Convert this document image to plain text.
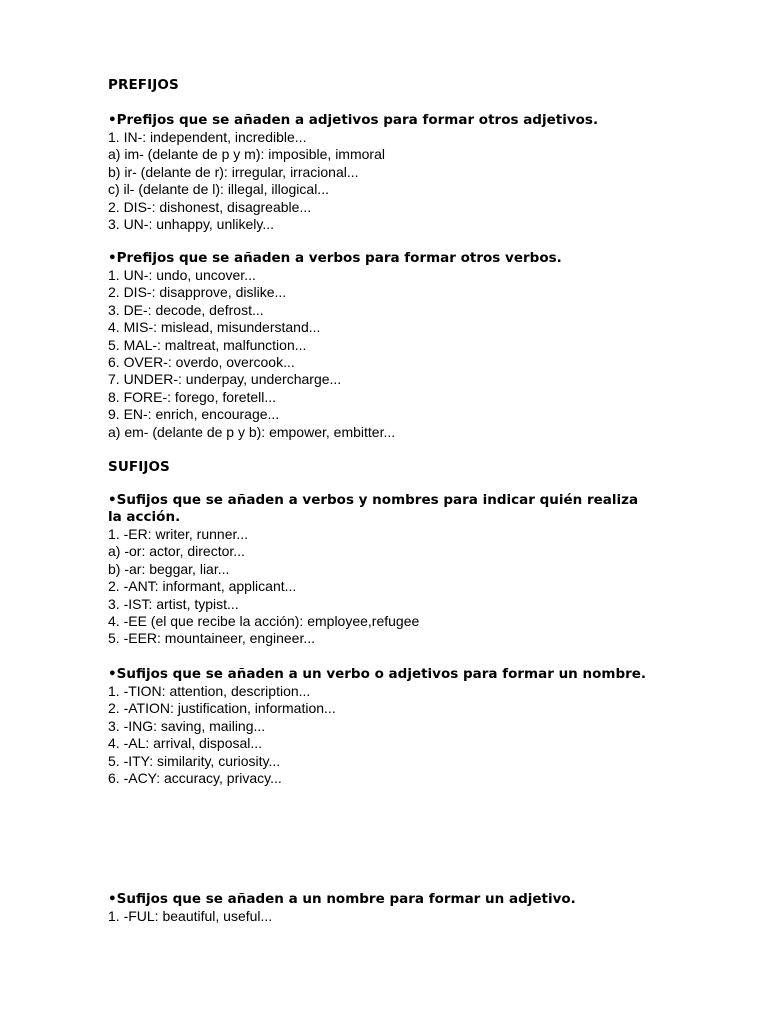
PREFIJOS

•Prefijos que se añaden a adjetivos para formar otros adjetivos.

1. IN-: independent, incredible...
a) im- (delante de p y m): imposible, immoral
b) ir- (delante de r): irregular, irracional...
c) il- (delante de l): illegal, illogical...
2. DIS-: dishonest, disagreable...
3. UN-: unhappy, unlikely...

•Prefijos que se añaden a verbos para formar otros verbos.

1. UN-: undo, uncover...
2. DIS-: disapprove, dislike...
3. DE-: decode, defrost...
4. MIS-: mislead, misunderstand...
5. MAL-: maltreat, malfunction...
6. OVER-: overdo, overcook...
7. UNDER-: underpay, undercharge...
8. FORE-: forego, foretell...
9. EN-: enrich, encourage...
a) em- (delante de p y b): empower, embitter...
SUFIJOS

•Sufijos que se añaden a verbos y nombres para indicar quién realiza la acción.

1. -ER: writer, runner...
a) -or: actor, director...
b) -ar: beggar, liar...
2. -ANT: informant, applicant...
3. -IST: artist, typist...
4. -EE (el que recibe la acción): employee,refugee
5. -EER: mountaineer, engineer...

•Sufijos que se añaden a un verbo o adjetivos para formar un nombre.

1. -TION: attention, description...
2. -ATION: justification, information...
3. -ING: saving, mailing...
4. -AL: arrival, disposal...
5. -ITY: similarity, curiosity...
6. -ACY: accuracy, privacy...

•Sufijos que se añaden a un nombre para formar un adjetivo.

1. -FUL: beautiful, useful...
